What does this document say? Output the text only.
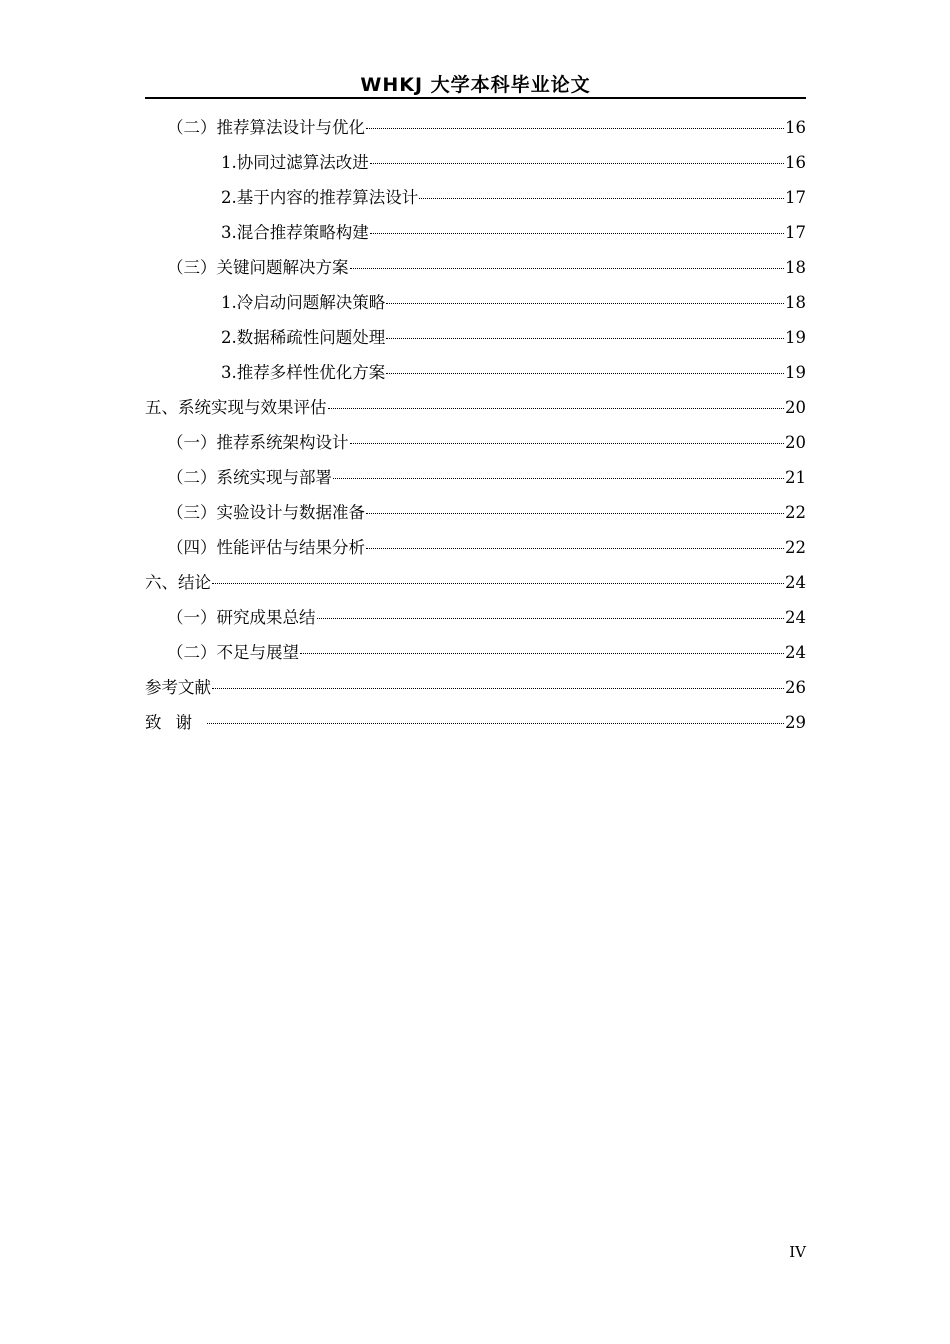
WHKJ 大学本科毕业论文
（二）推荐算法设计与优化	16
1.协同过滤算法改进	16
2.基于内容的推荐算法设计	17
3.混合推荐策略构建	17
（三）关键问题解决方案	18
1.冷启动问题解决策略	18
2.数据稀疏性问题处理	19
3.推荐多样性优化方案	19
五、系统实现与效果评估	20
（一）推荐系统架构设计	20
（二）系统实现与部署	21
（三）实验设计与数据准备	22
（四）性能评估与结果分析	22
六、结论	24
（一）研究成果总结	24
（二）不足与展望	24
参考文献	26
致谢	29
IV
